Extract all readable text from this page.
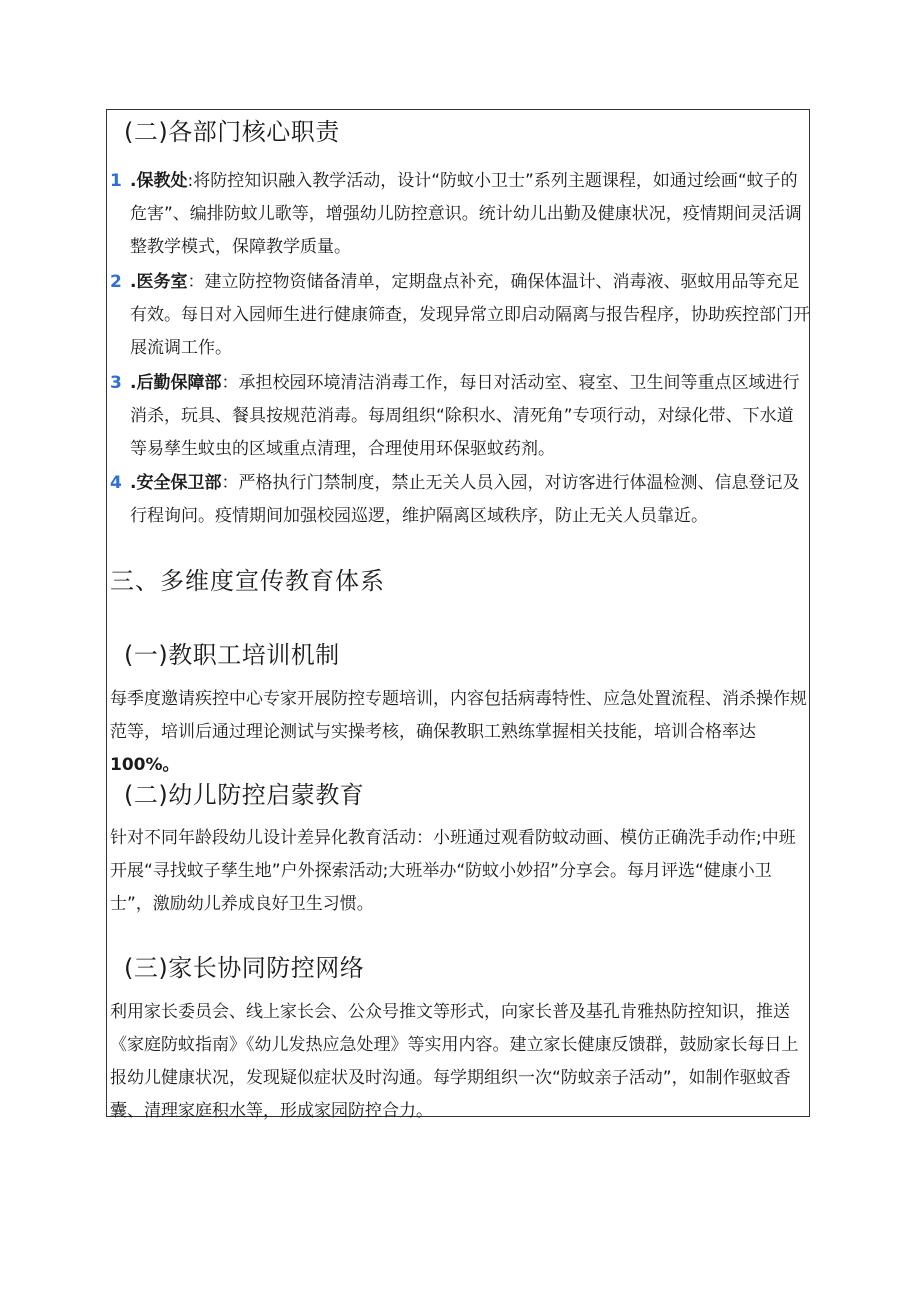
(二)各部门核心职责
1 .保教处:将防控知识融入教学活动，设计“防蚊小卫士”系列主题课程，如通过绘画“蚊子的危害”、编排防蚊儿歌等，增强幼儿防控意识。统计幼儿出勤及健康状况，疫情期间灵活调整教学模式，保障教学质量。
2 .医务室：建立防控物资储备清单，定期盘点补充，确保体温计、消毒液、驱蚊用品等充足有效。每日对入园师生进行健康筛查，发现异常立即启动隔离与报告程序，协助疾控部门开展流调工作。
3 .后勤保障部：承担校园环境清洁消毒工作，每日对活动室、寝室、卫生间等重点区域进行消杀，玩具、餐具按规范消毒。每周组织“除积水、清死角”专项行动，对绿化带、下水道等易孳生蚊虫的区域重点清理，合理使用环保驱蚊药剂。
4 .安全保卫部：严格执行门禁制度，禁止无关人员入园，对访客进行体温检测、信息登记及行程询问。疫情期间加强校园巡逻，维护隔离区域秩序，防止无关人员靠近。
三、多维度宣传教育体系
(一)教职工培训机制
每季度邀请疾控中心专家开展防控专题培训，内容包括病毒特性、应急处置流程、消杀操作规范等，培训后通过理论测试与实操考核，确保教职工熟练掌握相关技能，培训合格率达100%。
(二)幼儿防控启蒙教育
针对不同年龄段幼儿设计差异化教育活动：小班通过观看防蚊动画、模仿正确洗手动作;中班开展“寻找蚊子孳生地”户外探索活动;大班举办“防蚊小妙招”分享会。每月评选“健康小卫士”，激励幼儿养成良好卫生习惯。
(三)家长协同防控网络
利用家长委员会、线上家长会、公众号推文等形式，向家长普及基孔肯雅热防控知识，推送《家庭防蚊指南》《幼儿发热应急处理》等实用内容。建立家长健康反馈群，鼓励家长每日上报幼儿健康状况，发现疑似症状及时沟通。每学期组织一次“防蚊亲子活动”，如制作驱蚊香囊、清理家庭积水等，形成家园防控合力。
